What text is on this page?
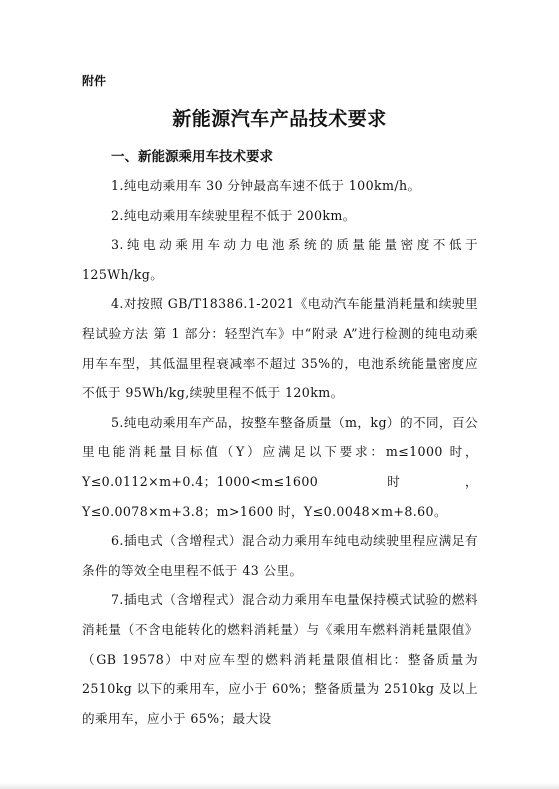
附件
新能源汽车产品技术要求
一、新能源乘用车技术要求

1.纯电动乘用车 30 分钟最高车速不低于 100km/h。

2.纯电动乘用车续驶里程不低于 200km。

3.纯电动乘用车动力电池系统的质量能量密度不低于 125Wh/kg。

4.对按照 GB/T18386.1-2021《电动汽车能量消耗量和续驶里程试验方法 第 1 部分：轻型汽车》中“附录 A”进行检测的纯电动乘用车车型，其低温里程衰减率不超过 35%的，电池系统能量密度应不低于 95Wh/kg,续驶里程不低于 120km。

5.纯电动乘用车产品，按整车整备质量（m，kg）的不同，百公里电能消耗量目标值（Y）应满足以下要求：m≤1000 时，Y≤0.0112×m+0.4；1000<m≤1600 时，Y≤0.0078×m+3.8；m>1600 时，Y≤0.0048×m+8.60。

6.插电式（含增程式）混合动力乘用车纯电动续驶里程应满足有条件的等效全电里程不低于 43 公里。

7.插电式（含增程式）混合动力乘用车电量保持模式试验的燃料消耗量（不含电能转化的燃料消耗量）与《乘用车燃料消耗量限值》（GB 19578）中对应车型的燃料消耗量限值相比：整备质量为 2510kg 以下的乘用车，应小于 60%；整备质量为 2510kg 及以上的乘用车，应小于 65%；最大设
